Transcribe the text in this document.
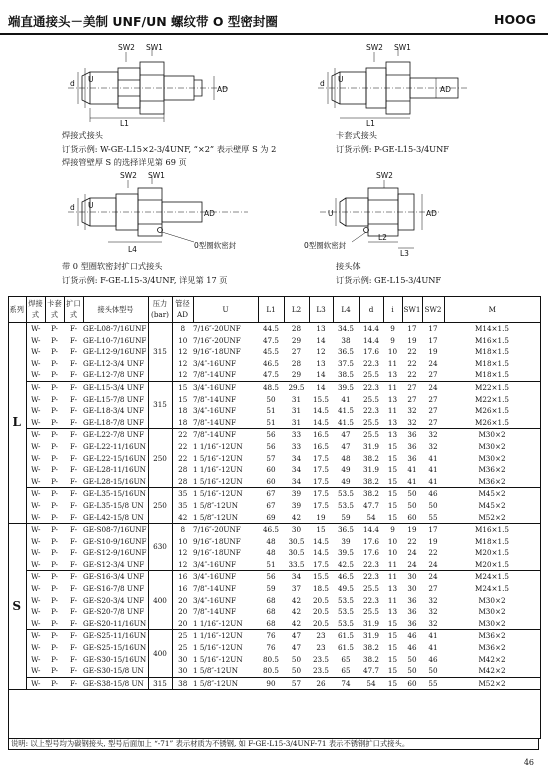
端直通接头－美制 UNF/UN 螺纹带 O 型密封圈	HOOG
SW2 SW1
d U
AD
L1
焊接式接头
订货示例: W-GE-L15×2-3/4UNF, “×2” 表示壁厚 S 为 2
焊接管壁厚 S 的选择详见第 69 页
SW2 SW1
d U
AD
L1
卡套式接头
订货示例: P-GE-L15-3/4UNF
SW2 SW1
d U
AD
L4	0型圈软密封
带 0 型圈软密封扩口式接头
订货示例: F-GE-L15-3/4UNF, 详见第 17 页
SW2
U	AD
L2
L3
0型圈软密封
接头体
订货示例: GE-L15-3/4UNF
系列	焊接式	卡套式	扩口式	接头体型号	压力(bar)	管径AD	U	L1	L2	L3	L4	d	i	SW1	SW2	M
L	W-	P-	F-	GE-L08-7/16UNF	315	8	7/16″-20UNF	44.5	28	13	34.5	14.4	9	17	17	M14×1.5
	W-	P-	F-	GE-L10-7/16UNF		10	7/16″-20UNF	47.5	29	14	38	14.4	9	19	17	M16×1.5
	W-	P-	F-	GE-L12-9/16UNF		12	9/16″-18UNF	45.5	27	12	36.5	17.6	10	22	19	M18×1.5
	W-	P-	F-	GE-L12-3/4 UNF		12	3/4″-16UNF	46.5	28	13	37.5	22.3	11	22	24	M18×1.5
	W-	P-	F-	GE-L12-7/8 UNF		12	7/8″-14UNF	47.5	29	14	38.5	25.5	13	22	27	M18×1.5
	W-	P-	F-	GE-L15-3/4 UNF	315	15	3/4″-16UNF	48.5	29.5	14	39.5	22.3	11	27	24	M22×1.5
	W-	P-	F-	GE-L15-7/8 UNF		15	7/8″-14UNF	50	31	15.5	41	25.5	13	27	27	M22×1.5
	W-	P-	F-	GE-L18-3/4 UNF		18	3/4″-16UNF	51	31	14.5	41.5	22.3	11	32	27	M26×1.5
	W-	P-	F-	GE-L18-7/8 UNF		18	7/8″-14UNF	51	31	14.5	41.5	25.5	13	32	27	M26×1.5
	W-	P-	F-	GE-L22-7/8 UNF	250	22	7/8″-14UNF	56	33	16.5	47	25.5	13	36	32	M30×2
	W-	P-	F-	GE-L22-11/16UN		22	1 1/16″-12UN	56	33	16.5	47	31.9	15	36	32	M30×2
	W-	P-	F-	GE-L22-15/16UN		22	1 5/16″-12UN	57	34	17.5	48	38.2	15	36	41	M30×2
	W-	P-	F-	GE-L28-11/16UN		28	1 1/16″-12UN	60	34	17.5	49	31.9	15	41	41	M36×2
	W-	P-	F-	GE-L28-15/16UN		28	1 5/16″-12UN	60	34	17.5	49	38.2	15	41	41	M36×2
	W-	P-	F-	GE-L35-15/16UN	250	35	1 5/16″-12UN	67	39	17.5	53.5	38.2	15	50	46	M45×2
	W-	P-	F-	GE-L35-15/8 UN		35	1 5/8″-12UN	67	39	17.5	53.5	47.7	15	50	50	M45×2
	W-	P-	F-	GE-L42-15/8 UN		42	1 5/8″-12UN	69	42	19	59	54	15	60	55	M52×2
S	W-	P-	F-	GE-S08-7/16UNF	630	8	7/16″-20UNF	46.5	30	15	36.5	14.4	9	19	17	M16×1.5
	W-	P-	F-	GE-S10-9/16UNF		10	9/16″-18UNF	48	30.5	14.5	39	17.6	10	22	19	M18×1.5
	W-	P-	F-	GE-S12-9/16UNF		12	9/16″-18UNF	48	30.5	14.5	39.5	17.6	10	24	22	M20×1.5
	W-	P-	F-	GE-S12-3/4 UNF		12	3/4″-16UNF	51	33.5	17.5	42.5	22.3	11	24	24	M20×1.5
	W-	P-	F-	GE-S16-3/4 UNF	400	16	3/4″-16UNF	56	34	15.5	46.5	22.3	11	30	24	M24×1.5
	W-	P-	F-	GE-S16-7/8 UNF		16	7/8″-14UNF	59	37	18.5	49.5	25.5	13	30	27	M24×1.5
	W-	P-	F-	GE-S20-3/4 UNF		20	3/4″-16UNF	68	42	20.5	53.5	22.3	11	36	32	M30×2
	W-	P-	F-	GE-S20-7/8 UNF		20	7/8″-14UNF	68	42	20.5	53.5	25.5	13	36	32	M30×2
	W-	P-	F-	GE-S20-11/16UN		20	1 1/16″-12UN	68	42	20.5	53.5	31.9	15	36	32	M30×2
	W-	P-	F-	GE-S25-11/16UN	400	25	1 1/16″-12UN	76	47	23	61.5	31.9	15	46	41	M36×2
	W-	P-	F-	GE-S25-15/16UN		25	1 5/16″-12UN	76	47	23	61.5	38.2	15	46	41	M36×2
	W-	P-	F-	GE-S30-15/16UN		30	1 5/16″-12UN	80.5	50	23.5	65	38.2	15	50	46	M42×2
	W-	P-	F-	GE-S30-15/8 UN		30	1 5/8″-12UN	80.5	50	23.5	65	47.7	15	50	50	M42×2
	W-	P-	F-	GE-S38-15/8 UN	315	38	1 5/8″-12UN	90	57	26	74	54	15	60	55	M52×2
说明: 以上型号均为碳钢接头, 型号后面加上 “-71” 表示材质为不锈钢, 如 F-GE-L15-3/4UNF-71 表示不锈钢扩口式接头。
46
